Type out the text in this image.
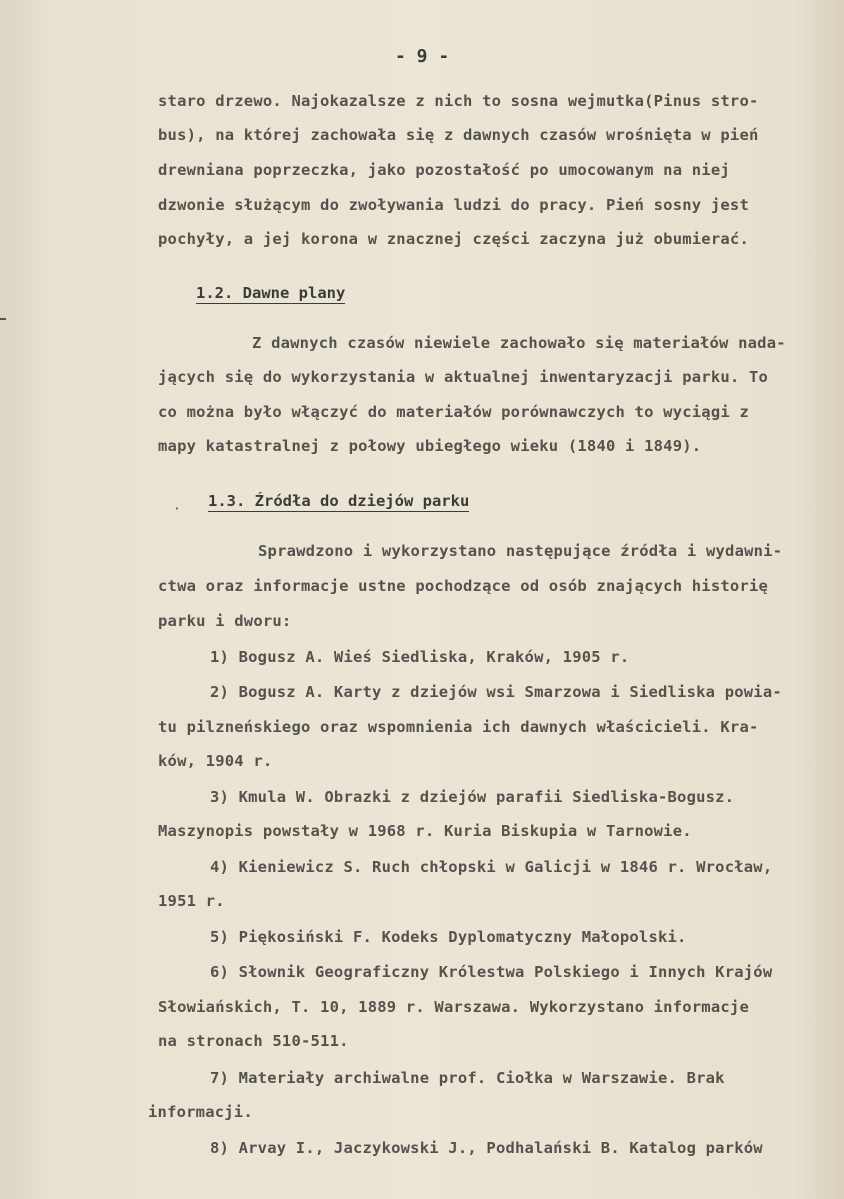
- 9 -
staro drzewo. Najokazalsze z nich to sosna wejmutka(Pinus stro-
bus), na której zachowała się z dawnych czasów wrośnięta w pień
drewniana poprzeczka, jako pozostałość po umocowanym na niej
dzwonie służącym do zwoływania ludzi do pracy. Pień sosny jest
pochyły, a jej korona w znacznej części zaczyna już obumierać.
1.2. Dawne plany
Z dawnych czasów niewiele zachowało się materiałów nada-
jących się do wykorzystania w aktualnej inwentaryzacji parku. To
co można było włączyć do materiałów porównawczych to wyciągi z
mapy katastralnej z połowy ubiegłego wieku (1840 i 1849).
· 1.3. Źródła do dziejów parku
Sprawdzono i wykorzystano następujące źródła i wydawni-
ctwa oraz informacje ustne pochodzące od osób znających historię
parku i dworu:
1) Bogusz A. Wieś Siedliska, Kraków, 1905 r.
2) Bogusz A. Karty z dziejów wsi Smarzowa i Siedliska powia-
tu pilzneńskiego oraz wspomnienia ich dawnych właścicieli. Kra-
ków, 1904 r.
3) Kmula W. Obrazki z dziejów parafii Siedliska-Bogusz.
Maszynopis powstały w 1968 r. Kuria Biskupia w Tarnowie.
4) Kieniewicz S. Ruch chłopski w Galicji w 1846 r. Wrocław,
1951 r.
5) Piękosiński F. Kodeks Dyplomatyczny Małopolski.
6) Słownik Geograficzny Królestwa Polskiego i Innych Krajów
Słowiańskich, T. 10, 1889 r. Warszawa. Wykorzystano informacje
na stronach 510-511.
7) Materiały archiwalne prof. Ciołka w Warszawie. Brak
informacji.
8) Arvay I., Jaczykowski J., Podhalański B. Katalog parków
